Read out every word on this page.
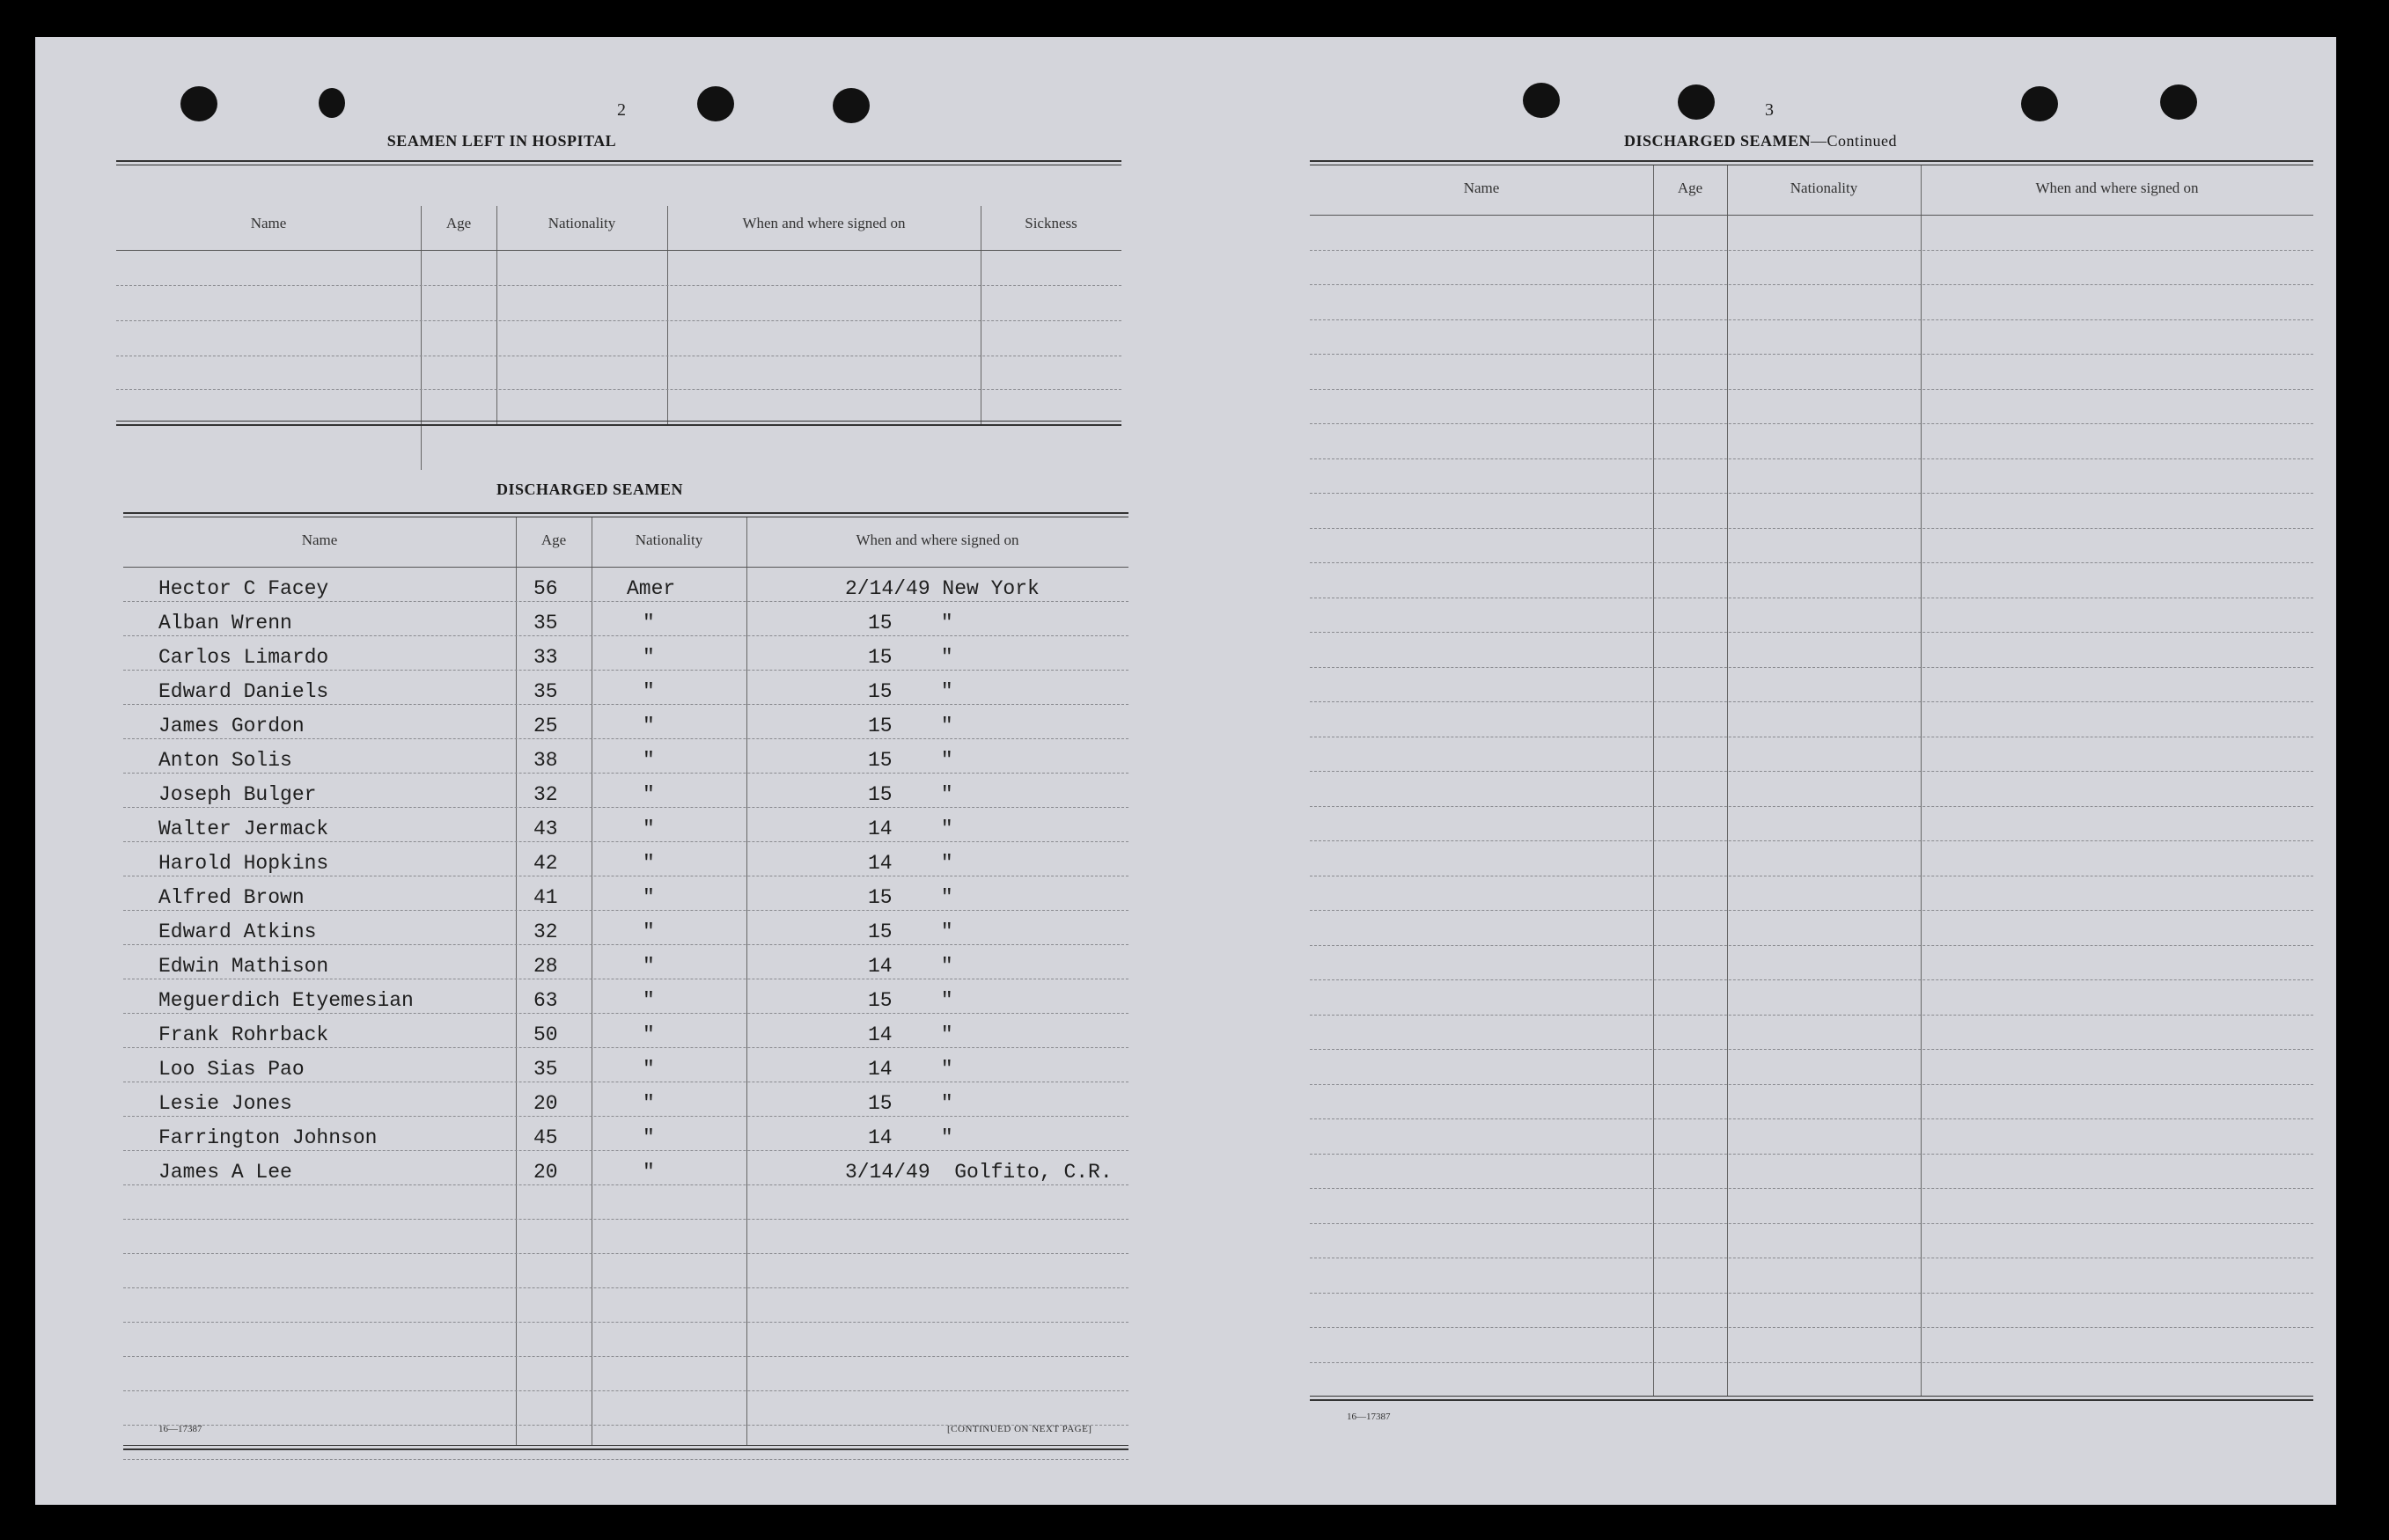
2
SEAMEN LEFT IN HOSPITAL
Name	Age	Nationality	When and where signed on	Sickness
DISCHARGED SEAMEN
Name	Age	Nationality	When and where signed on
Hector C Facey	56	Amer	2/14/49 New York
Alban Wrenn	35	"	15    "
Carlos Limardo	33	"	15    "
Edward Daniels	35	"	15    "
James Gordon	25	"	15    "
Anton Solis	38	"	15    "
Joseph Bulger	32	"	15    "
Walter Jermack	43	"	14    "
Harold Hopkins	42	"	14    "
Alfred Brown	41	"	15    "
Edward Atkins	32	"	15    "
Edwin Mathison	28	"	14    "
Meguerdich Etyemesian	63	"	15    "
Frank Rohrback	50	"	14    "
Loo Sias Pao	35	"	14    "
Lesie Jones	20	"	15    "
Farrington Johnson	45	"	14    "
James A Lee	20	"	3/14/49  Golfito, C.R.
16—17387	[CONTINUED ON NEXT PAGE]
3
DISCHARGED SEAMEN—Continued
Name	Age	Nationality	When and where signed on
16—17387
